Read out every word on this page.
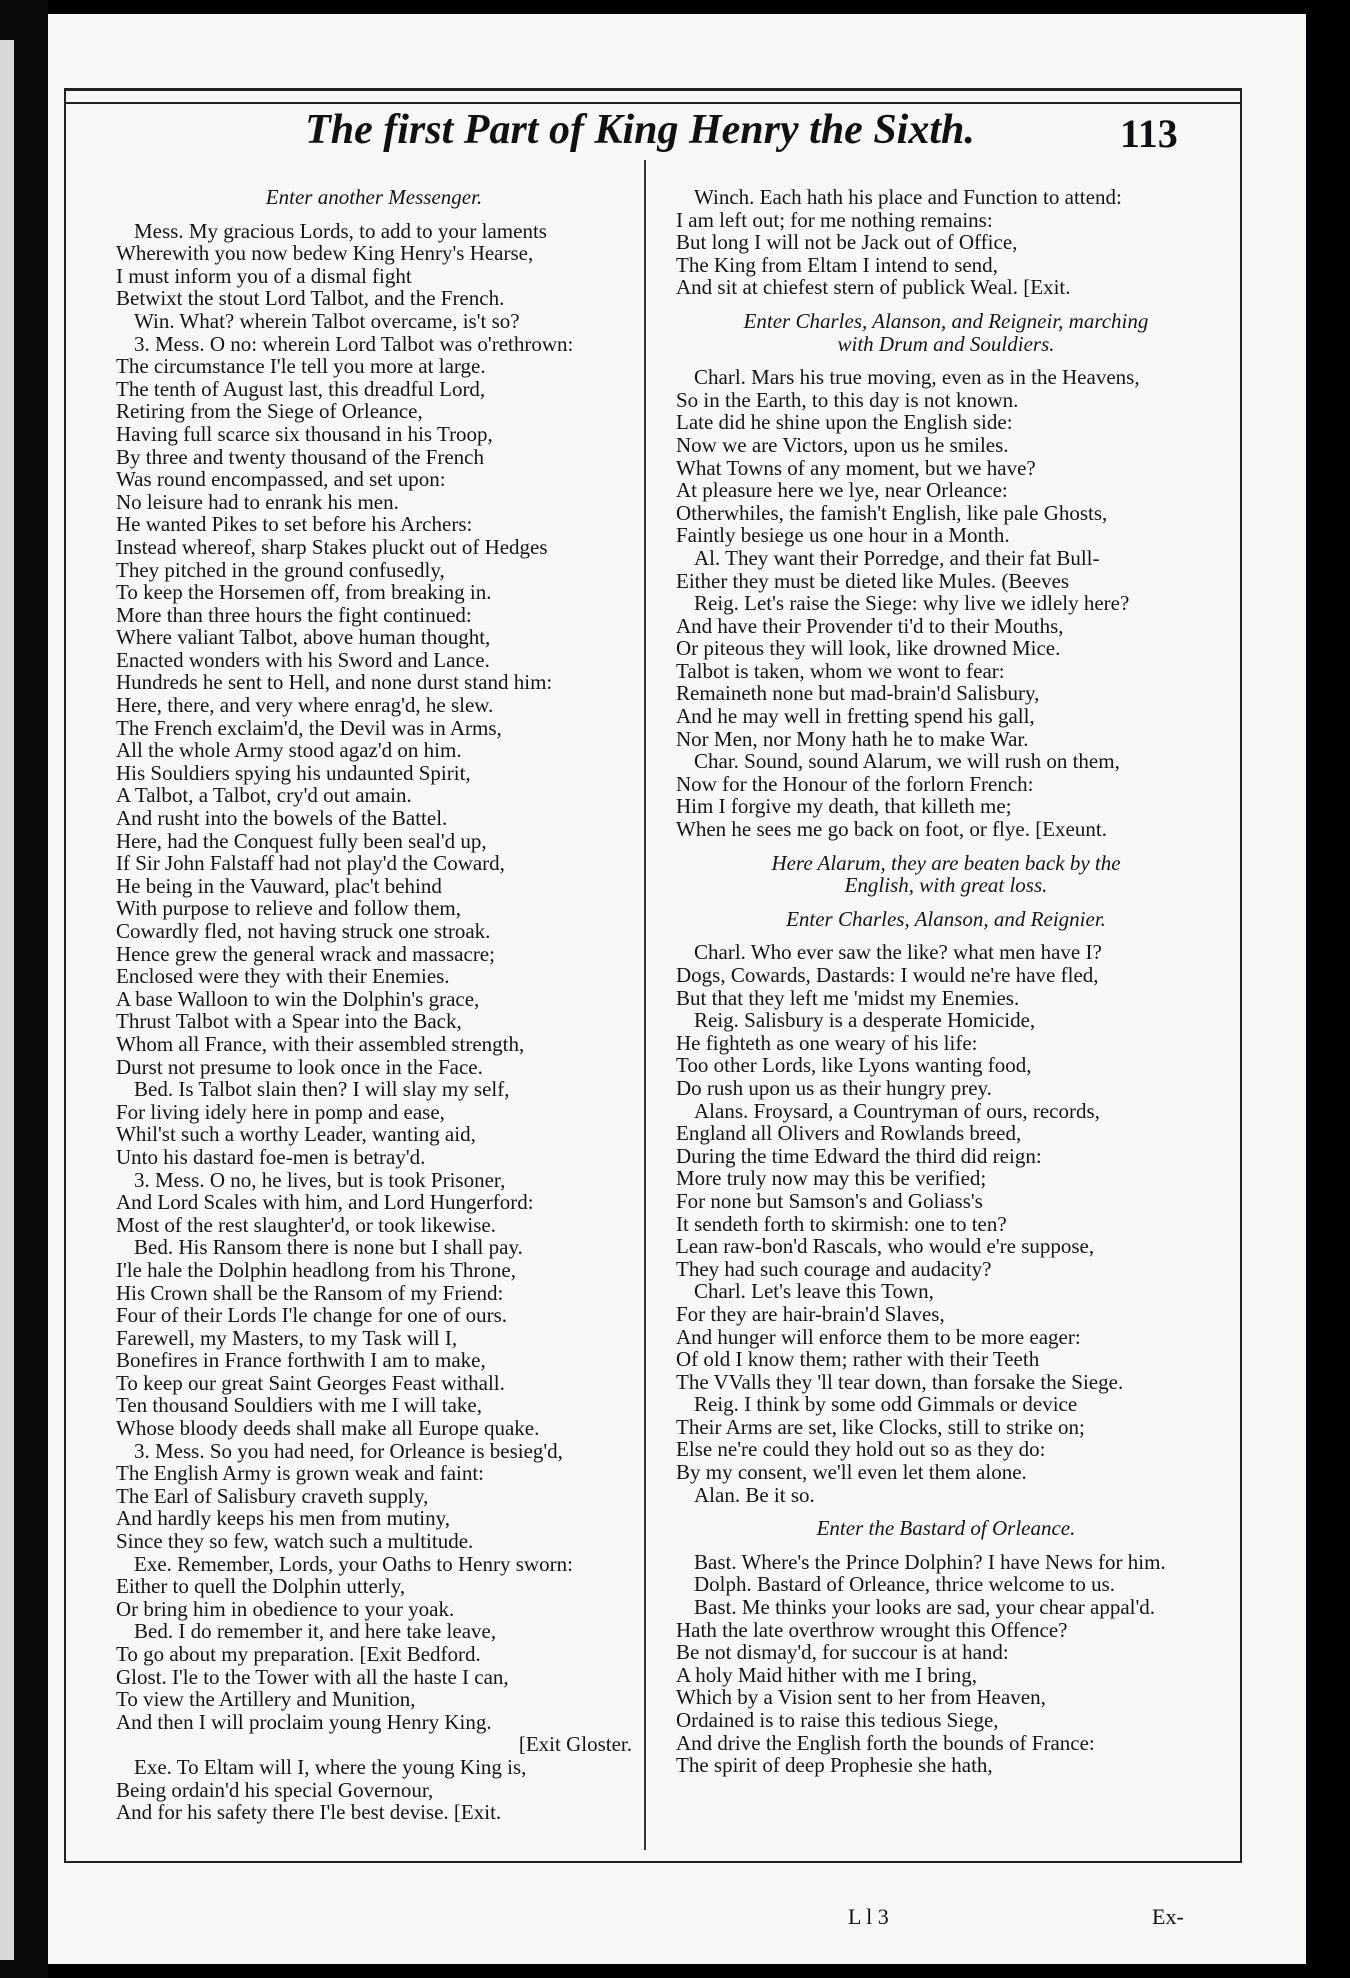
The first Part of King Henry the Sixth.	113
Enter another Messenger.
Mess. My gracious Lords, to add to your laments
Wherewith you now bedew King Henry's Hearse,
I must inform you of a dismal fight
Betwixt the stout Lord Talbot, and the French.
Win. What? wherein Talbot overcame, is't so?
3. Mess. O no: wherein Lord Talbot was o'rethrown:
The circumstance I'le tell you more at large.
The tenth of August last, this dreadful Lord,
Retiring from the Siege of Orleance,
Having full scarce six thousand in his Troop,
By three and twenty thousand of the French
Was round encompassed, and set upon:
No leisure had to enrank his men.
He wanted Pikes to set before his Archers:
Instead whereof, sharp Stakes pluckt out of Hedges
They pitched in the ground confusedly,
To keep the Horsemen off, from breaking in.
More than three hours the fight continued:
Where valiant Talbot, above human thought,
Enacted wonders with his Sword and Lance.
Hundreds he sent to Hell, and none durst stand him:
Here, there, and very where enrag'd, he slew.
The French exclaim'd, the Devil was in Arms,
All the whole Army stood agaz'd on him.
His Souldiers spying his undaunted Spirit,
A Talbot, a Talbot, cry'd out amain.
And rusht into the bowels of the Battel.
Here, had the Conquest fully been seal'd up,
If Sir John Falstaff had not play'd the Coward,
He being in the Vauward, plac't behind
With purpose to relieve and follow them,
Cowardly fled, not having struck one stroak.
Hence grew the general wrack and massacre;
Enclosed were they with their Enemies.
A base Walloon to win the Dolphin's grace,
Thrust Talbot with a Spear into the Back,
Whom all France, with their assembled strength,
Durst not presume to look once in the Face.
Bed. Is Talbot slain then? I will slay my self,
For living idely here in pomp and ease,
Whil'st such a worthy Leader, wanting aid,
Unto his dastard foe-men is betray'd.
3. Mess. O no, he lives, but is took Prisoner,
And Lord Scales with him, and Lord Hungerford:
Most of the rest slaughter'd, or took likewise.
Bed. His Ransom there is none but I shall pay.
I'le hale the Dolphin headlong from his Throne,
His Crown shall be the Ransom of my Friend:
Four of their Lords I'le change for one of ours.
Farewell, my Masters, to my Task will I,
Bonefires in France forthwith I am to make,
To keep our great Saint Georges Feast withall.
Ten thousand Souldiers with me I will take,
Whose bloody deeds shall make all Europe quake.
3. Mess. So you had need, for Orleance is besieg'd,
The English Army is grown weak and faint:
The Earl of Salisbury craveth supply,
And hardly keeps his men from mutiny,
Since they so few, watch such a multitude.
Exe. Remember, Lords, your Oaths to Henry sworn:
Either to quell the Dolphin utterly,
Or bring him in obedience to your yoak.
Bed. I do remember it, and here take leave,
To go about my preparation. [Exit Bedford.
Glost. I'le to the Tower with all the haste I can,
To view the Artillery and Munition,
And then I will proclaim young Henry King.
[Exit Gloster.
Exe. To Eltam will I, where the young King is,
Being ordain'd his special Governour,
And for his safety there I'le best devise. [Exit.
Winch. Each hath his place and Function to attend:
I am left out; for me nothing remains:
But long I will not be Jack out of Office,
The King from Eltam I intend to send,
And sit at chiefest stern of publick Weal. [Exit.
Enter Charles, Alanson, and Reigneir, marching
with Drum and Souldiers.
Charl. Mars his true moving, even as in the Heavens,
So in the Earth, to this day is not known.
Late did he shine upon the English side:
Now we are Victors, upon us he smiles.
What Towns of any moment, but we have?
At pleasure here we lye, near Orleance:
Otherwhiles, the famish't English, like pale Ghosts,
Faintly besiege us one hour in a Month.
Al. They want their Porredge, and their fat Bull-
Either they must be dieted like Mules. (Beeves
Reig. Let's raise the Siege: why live we idlely here?
And have their Provender ti'd to their Mouths,
Or piteous they will look, like drowned Mice.
Talbot is taken, whom we wont to fear:
Remaineth none but mad-brain'd Salisbury,
And he may well in fretting spend his gall,
Nor Men, nor Mony hath he to make War.
Char. Sound, sound Alarum, we will rush on them,
Now for the Honour of the forlorn French:
Him I forgive my death, that killeth me;
When he sees me go back on foot, or flye. [Exeunt.
Here Alarum, they are beaten back by the
English, with great loss.
Enter Charles, Alanson, and Reignier.
Charl. Who ever saw the like? what men have I?
Dogs, Cowards, Dastards: I would ne're have fled,
But that they left me 'midst my Enemies.
Reig. Salisbury is a desperate Homicide,
He fighteth as one weary of his life:
Too other Lords, like Lyons wanting food,
Do rush upon us as their hungry prey.
Alans. Froysard, a Countryman of ours, records,
England all Olivers and Rowlands breed,
During the time Edward the third did reign:
More truly now may this be verified;
For none but Samson's and Goliass's
It sendeth forth to skirmish: one to ten?
Lean raw-bon'd Rascals, who would e're suppose,
They had such courage and audacity?
Charl. Let's leave this Town,
For they are hair-brain'd Slaves,
And hunger will enforce them to be more eager:
Of old I know them; rather with their Teeth
The VValls they 'll tear down, than forsake the Siege.
Reig. I think by some odd Gimmals or device
Their Arms are set, like Clocks, still to strike on;
Else ne're could they hold out so as they do:
By my consent, we'll even let them alone.
Alan. Be it so.
Enter the Bastard of Orleance.
Bast. Where's the Prince Dolphin? I have News for him.
Dolph. Bastard of Orleance, thrice welcome to us.
Bast. Me thinks your looks are sad, your chear appal'd.
Hath the late overthrow wrought this Offence?
Be not dismay'd, for succour is at hand:
A holy Maid hither with me I bring,
Which by a Vision sent to her from Heaven,
Ordained is to raise this tedious Siege,
And drive the English forth the bounds of France:
The spirit of deep Prophesie she hath,
L l 3	Ex-
